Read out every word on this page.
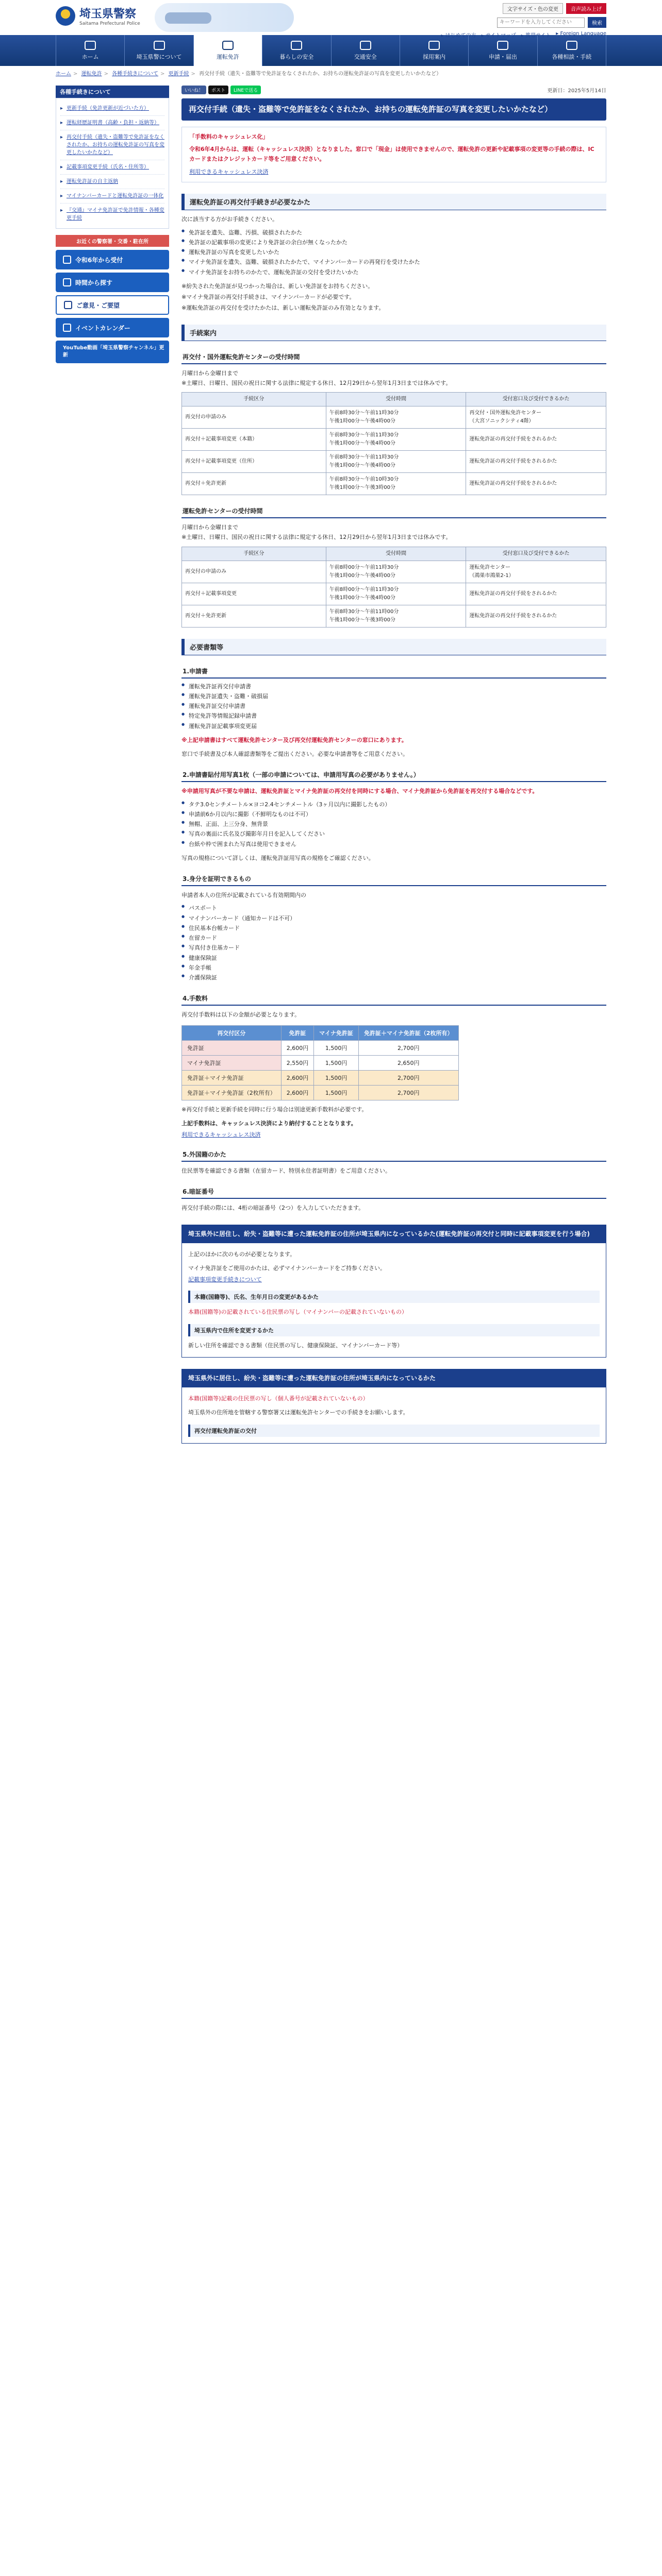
埼玉県警察
Saitama Prefectural Police
文字サイズ・色の変更	音声読み上げ
キーワードを入力してください
検索
▸ はじめての方 ▸ サイトマップ ▸ 携帯サイト ▸ Foreign Language
ホーム	埼玉県警について	運転免許	暮らしの安全	交通安全	採用案内	申請・届出	各種相談・手続
ホーム > 運転免許 > 各種手続きについて > 更新手続 > 再交付手続（遺失・盗難等で免許証をなくされたか、お持ちの運転免許証の写真を変更したいかたなど）
各種手続きについて
▸ 更新手続（免許更新が近づいた方）
▸ 運転経歴証明書（高齢・負担・返納等）
▸ 再交付手続（遺失・盗難等で免許証をなくされたか、お持ちの運転免許証の写真を変更したいかたなど）
▸ 記載事項変更手続（氏名・住所等）
▸ 運転免許証の自主返納
▸ マイナンバーカードと運転免許証の一体化
▸ 『交通』マイナ免許証で免許情報・各種変更手続
お近くの警察署・交番・駐在所
令和6年から受付
時間から探す
ご意見・ご要望
イベントカレンダー
YouTube動画「埼玉県警察チャンネル」更新
いいね！	ポスト	LINEで送る	更新日：2025年5月14日
再交付手続（遺失・盗難等で免許証をなくされたか、お持ちの運転免許証の写真を変更したいかたなど）
「手数料のキャッシュレス化」
令和6年4月からは、運転（キャッシュレス決済）となりました。窓口で「現金」は使用できませんので、運転免許の更新や記載事項の変更等の手続の際は、ICカードまたはクレジットカード等をご用意ください。
利用できるキャッシュレス決済
運転免許証の再交付手続きが必要なかた

次に該当する方がお手続きください。

● 免許証を遺失、盗難、汚損、破損されたかた
● 免許証の記載事項の変更により免許証の余白が無くなったかた
● 運転免許証の写真を変更したいかた
● マイナ免許証を遺失、盗難、破損されたかたで、マイナンバーカードの再発行を受けたかた
● マイナ免許証をお持ちのかたで、運転免許証の交付を受けたいかた

※紛失された免許証が見つかった場合は、新しい免許証をお持ちください。

※マイナ免許証の再交付手続きは、マイナンバーカードが必要です。

※運転免許証の再交付を受けたかたは、新しい運転免許証のみ有効となります。

手続案内
再交付・国外運転免許センターの受付時間

月曜日から金曜日まで
※土曜日、日曜日、国民の祝日に関する法律に規定する休日、12月29日から翌年1月3日までは休みです。

手続区分	受付時間	受付窓口及び受付できるかた
再交付の申請のみ	午前8時30分〜午前11時30分
午後1時00分〜午後4時00分	再交付・国外運転免許センター
（大宮ソニックシティ4階）
再交付＋記載事項変更（本籍）	午前8時30分〜午前11時30分
午後1時00分〜午後4時00分	運転免許証の再交付手続をされるかた
再交付＋記載事項変更（住所）	午前8時30分〜午前11時30分
午後1時00分〜午後4時00分	運転免許証の再交付手続をされるかた
再交付＋免許更新	午前8時30分〜午前10時30分
午後1時00分〜午後3時00分	運転免許証の再交付手続をされるかた
運転免許センターの受付時間

月曜日から金曜日まで
※土曜日、日曜日、国民の祝日に関する法律に規定する休日、12月29日から翌年1月3日までは休みです。

手続区分	受付時間	受付窓口及び受付できるかた
再交付の申請のみ	午前8時00分〜午前11時30分
午後1時00分〜午後4時00分	運転免許センター
（鴻巣市鴻巣2-1）
再交付＋記載事項変更	午前8時00分〜午前11時30分
午後1時00分〜午後4時00分	運転免許証の再交付手続をされるかた
再交付＋免許更新	午前8時30分〜午前11時00分
午後1時00分〜午後3時00分	運転免許証の再交付手続をされるかた
必要書類等
1.申請書
● 運転免許証再交付申請書
● 運転免許証遺失・盗難・破損届
● 運転免許証交付申請書
● 特定免許等情報記録申請書
● 運転免許証記載事項変更届
※上記申請書はすべて運転免許センター及び再交付運転免許センターの窓口にあります。

窓口で手続書及び本人確認書類等をご提出ください。必要な申請書等をご用意ください。

2.申請書貼付用写真1枚（一部の申請については、申請用写真の必要がありません。）
※申請用写真が不要な申請は、運転免許証とマイナ免許証の再交付を同時にする場合、マイナ免許証から免許証を再交付する場合などです。
● タテ3.0センチメートル×ヨコ2.4センチメートル（3ヶ月以内に撮影したもの）
● 申請前6か月以内に撮影（不鮮明なものは不可）
● 無帽、正面、上三分身、無背景
● 写真の裏面に氏名及び撮影年月日を記入してください
● 台紙や枠で囲まれた写真は使用できません

写真の規格について詳しくは、運転免許証用写真の規格をご確認ください。

3.身分を証明できるもの

申請者本人の住所が記載されている有効期間内の

● パスポート
● マイナンバーカード（通知カードは不可）
● 住民基本台帳カード
● 在留カード
● 写真付き住基カード
● 健康保険証
● 年金手帳
● 介護保険証
4.手数料

再交付手数料は以下の金額が必要となります。

再交付区分	免許証	マイナ免許証	免許証＋マイナ免許証（2枚所有）
免許証	2,600円	1,500円	2,700円
マイナ免許証	2,550円	1,500円	2,650円
免許証＋マイナ免許証	2,600円	1,500円	2,700円
免許証＋マイナ免許証（2枚所有）	2,600円	1,500円	2,700円

※再交付手続と更新手続を同時に行う場合は別途更新手数料が必要です。

上記手数料は、キャッシュレス決済により納付することとなります。

利用できるキャッシュレス決済
5.外国籍のかた

住民票等を確認できる書類（在留カード、特別永住者証明書）をご用意ください。

6.暗証番号

再交付手続の際には、4桁の暗証番号（2つ）を入力していただきます。

埼玉県外に居住し、紛失・盗難等に遭った運転免許証の住所が埼玉県内になっているかた(運転免許証の再交付と同時に記載事項変更を行う場合)

上記のほかに次のものが必要となります。

マイナ免許証をご使用のかたは、必ずマイナンバーカードをご持参ください。

記載事項変更手続きについて
本籍(国籍等)、氏名、生年月日の変更があるかた

本籍(国籍等)の記載されている住民票の写し（マイナンバーの記載されていないもの）

埼玉県内で住所を変更するかた

新しい住所を確認できる書類（住民票の写し、健康保険証、マイナンバーカード等）

埼玉県外に居住し、紛失・盗難等に遭った運転免許証の住所が埼玉県内になっているかた

本籍(国籍等)記載の住民票の写し（個人番号が記載されていないもの）

埼玉県外の住所地を管轄する警察署又は運転免許センターでの手続きをお願いします。

再交付運転免許証の交付
